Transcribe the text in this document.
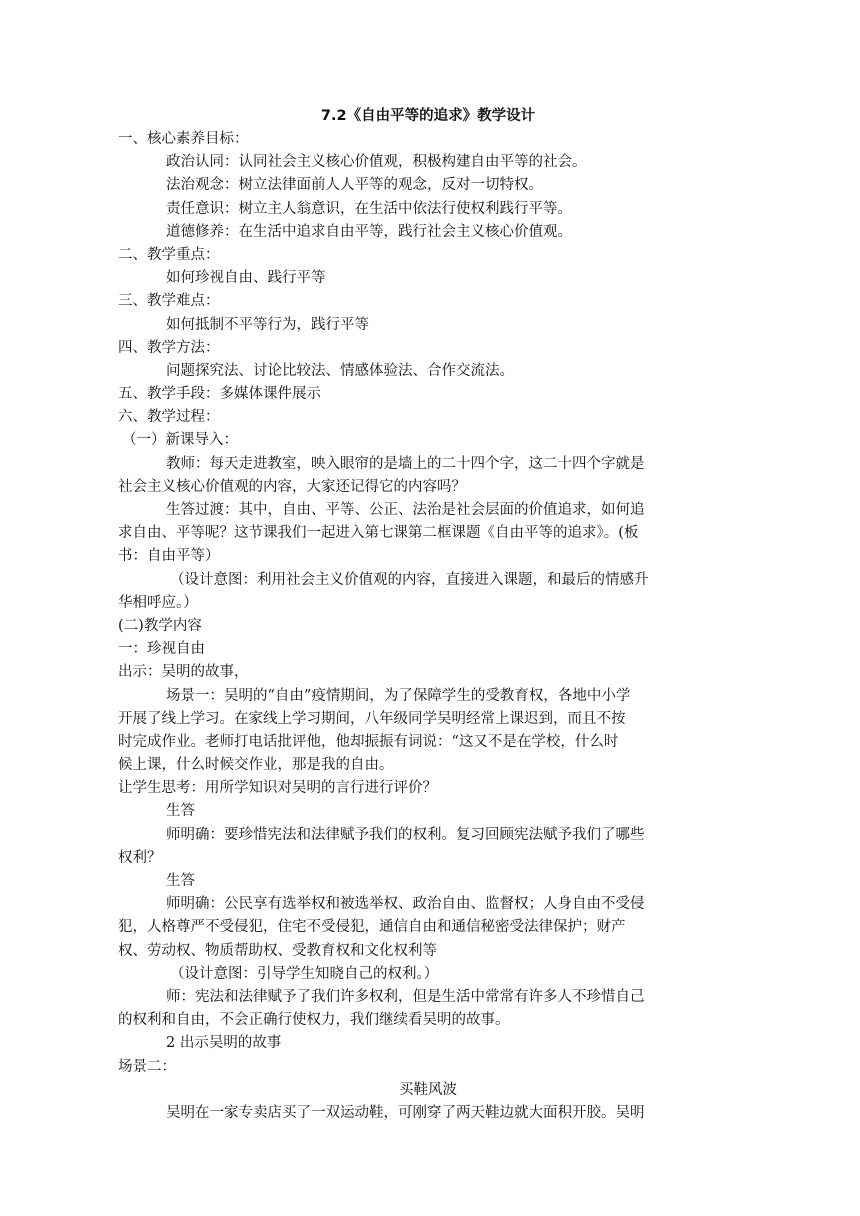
7.2《自由平等的追求》教学设计
一、核心素养目标：
政治认同：认同社会主义核心价值观，积极构建自由平等的社会。
法治观念：树立法律面前人人平等的观念，反对一切特权。
责任意识：树立主人翁意识，在生活中依法行使权利践行平等。
道德修养：在生活中追求自由平等，践行社会主义核心价值观。
二、教学重点：
如何珍视自由、践行平等
三、教学难点：
如何抵制不平等行为，践行平等
四、教学方法：
问题探究法、讨论比较法、情感体验法、合作交流法。
五、教学手段：多媒体课件展示
六、教学过程：
（一）新课导入：
教师：每天走进教室，映入眼帘的是墙上的二十四个字，这二十四个字就是
社会主义核心价值观的内容，大家还记得它的内容吗？
生答过渡：其中，自由、平等、公正、法治是社会层面的价值追求，如何追
求自由、平等呢？这节课我们一起进入第七课第二框课题《自由平等的追求》。(板
书：自由平等）
（设计意图：利用社会主义价值观的内容，直接进入课题，和最后的情感升
华相呼应。）
(二)教学内容
一：珍视自由
出示：吴明的故事，
场景一：吴明的“自由”疫情期间，为了保障学生的受教育权，各地中小学
开展了线上学习。在家线上学习期间，八年级同学吴明经常上课迟到，而且不按
时完成作业。老师打电话批评他，他却振振有词说：“这又不是在学校，什么时
候上课，什么时候交作业，那是我的自由。
让学生思考：用所学知识对吴明的言行进行评价？
生答
师明确：要珍惜宪法和法律赋予我们的权利。复习回顾宪法赋予我们了哪些
权利？
生答
师明确：公民享有选举权和被选举权、政治自由、监督权；人身自由不受侵
犯，人格尊严不受侵犯，住宅不受侵犯，通信自由和通信秘密受法律保护；财产
权、劳动权、物质帮助权、受教育权和文化权利等
（设计意图：引导学生知晓自己的权利。）
师：宪法和法律赋予了我们许多权利，但是生活中常常有许多人不珍惜自己
的权利和自由，不会正确行使权力，我们继续看吴明的故事。
2 出示吴明的故事
场景二：
买鞋风波
吴明在一家专卖店买了一双运动鞋，可刚穿了两天鞋边就大面积开胶。吴明
